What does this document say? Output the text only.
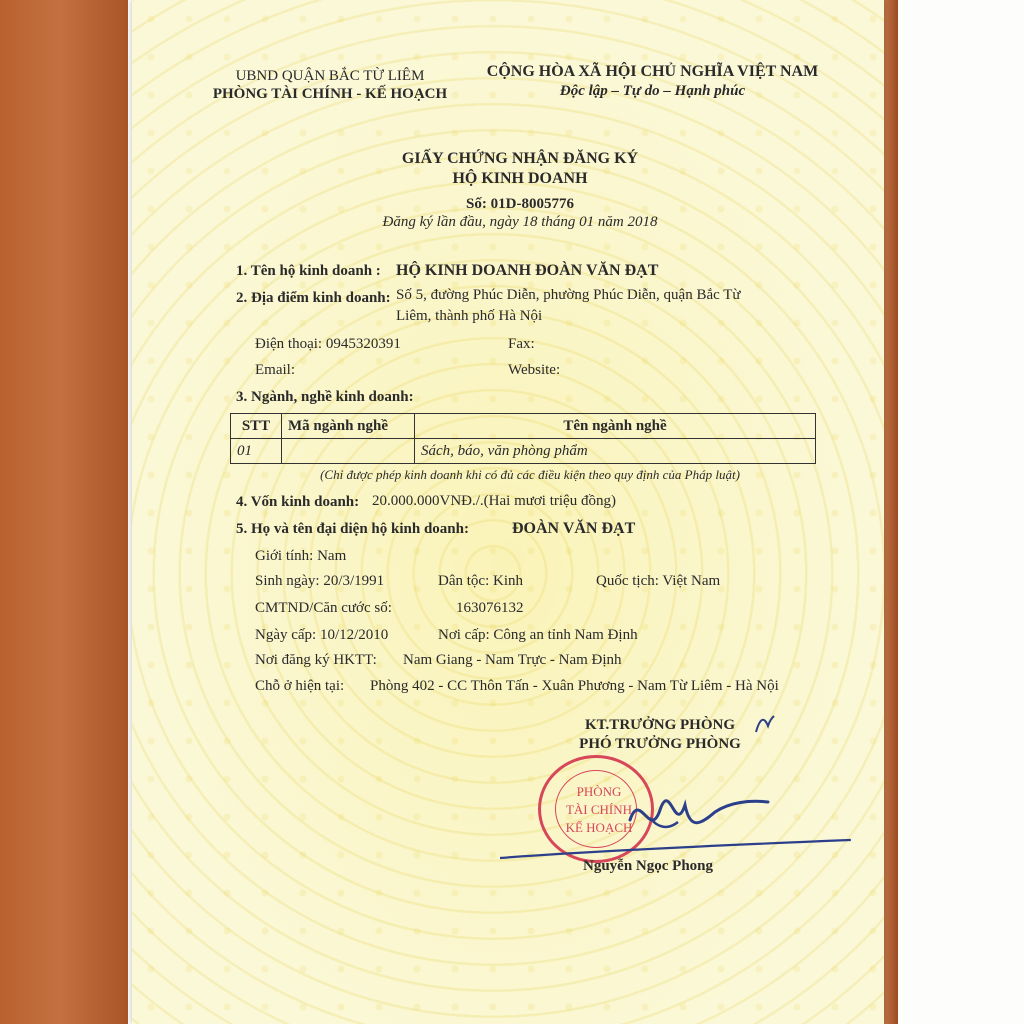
UBND QUẬN BẮC TỪ LIÊM
PHÒNG TÀI CHÍNH - KẾ HOẠCH
CỘNG HÒA XÃ HỘI CHỦ NGHĨA VIỆT NAM
Độc lập – Tự do – Hạnh phúc
GIẤY CHỨNG NHẬN ĐĂNG KÝ
HỘ KINH DOANH
Số: 01D-8005776
Đăng ký lần đầu, ngày 18 tháng 01 năm 2018
1. Tên hộ kinh doanh : HỘ KINH DOANH ĐOÀN VĂN ĐẠT
2. Địa điểm kinh doanh: Số 5, đường Phúc Diễn, phường Phúc Diễn, quận Bắc Từ
Liêm, thành phố Hà Nội
Điện thoại: 0945320391	Fax:
Email:	Website:
3. Ngành, nghề kinh doanh:
STT	Mã ngành nghề	Tên ngành nghề
01		Sách, báo, văn phòng phẩm
(Chỉ được phép kinh doanh khi có đủ các điều kiện theo quy định của Pháp luật)
4. Vốn kinh doanh: 20.000.000VNĐ./.(Hai mươi triệu đồng)
5. Họ và tên đại diện hộ kinh doanh:	ĐOÀN VĂN ĐẠT
Giới tính: Nam
Sinh ngày: 20/3/1991	Dân tộc: Kinh	Quốc tịch: Việt Nam
CMTND/Căn cước số:	163076132
Ngày cấp: 10/12/2010	Nơi cấp: Công an tỉnh Nam Định
Nơi đăng ký HKTT: Nam Giang - Nam Trực - Nam Định
Chỗ ở hiện tại: Phòng 402 - CC Thôn Tấn - Xuân Phương - Nam Từ Liêm - Hà Nội
KT.TRƯỞNG PHÒNG
PHÓ TRƯỞNG PHÒNG
PHÒNG
TÀI CHÍNH
KẾ HOẠCH
Nguyễn Ngọc Phong
